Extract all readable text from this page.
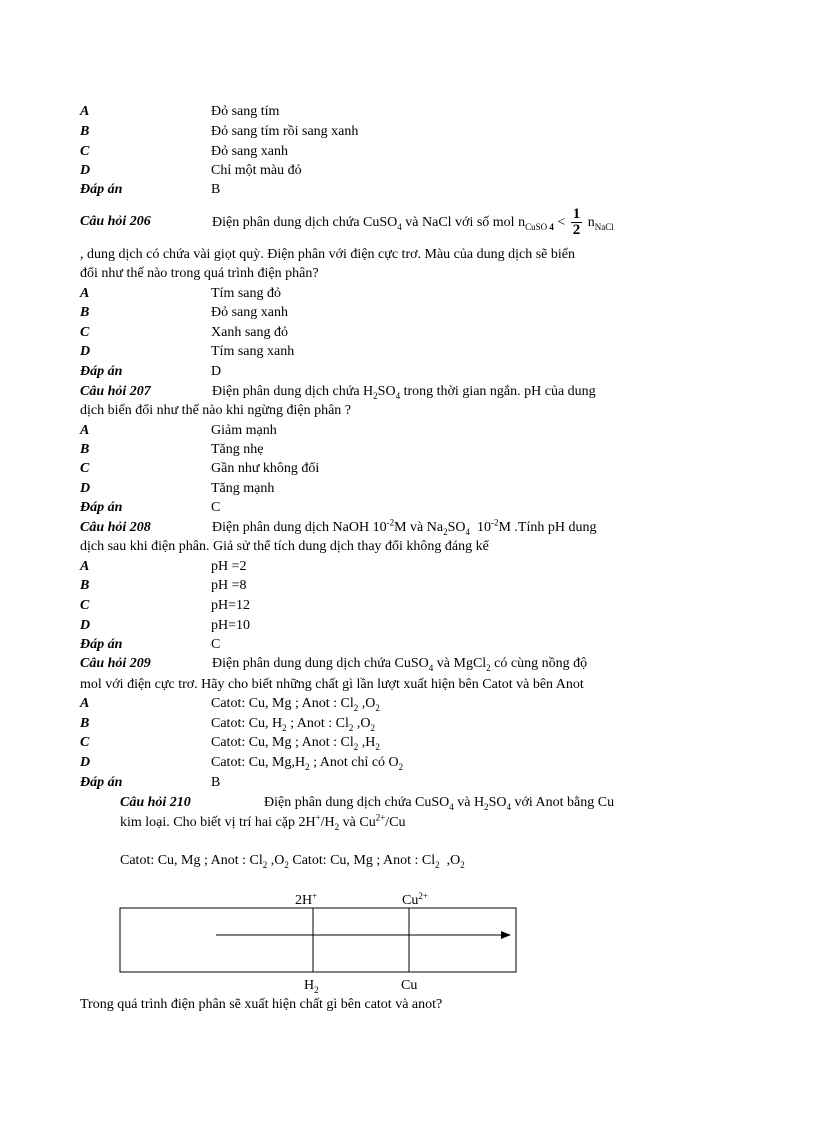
A	Đỏ sang tím
B	Đỏ sang tím rồi sang xanh
C	Đỏ sang xanh
D	Chỉ một màu đỏ
Đáp án	B
Câu hỏi 206	Điện phân dung dịch chứa CuSO$_4$ và NaCl với số mol $n_{CuSO 4} < \frac{1}{2} n_{NaCl}$
, dung dịch có chứa vài giọt quỳ. Điện phân với điện cực trơ. Màu của dung dịch sẽ biến
đổi như thế nào trong quá trình điện phân?
A	Tím sang đỏ
B	Đỏ sang xanh
C	Xanh sang đỏ
D	Tím sang xanh
Đáp án	D
Câu hỏi 207	Điện phân dung dịch chứa $H_2SO_4$ trong thời gian ngắn. pH của dung
dịch biến đổi như thế nào khi ngừng điện phân ?
A	Giảm mạnh
B	Tăng nhẹ
C	Gần như không đổi
D	Tăng mạnh
Đáp án	C
Câu hỏi 208	Điện phân dung dịch NaOH $10^{-2}M$ và $Na_2SO_4$  $10^{-2}M$ .Tính pH dung
dịch sau khi điện phân. Giả sử thể tích dung dịch thay đổi không đáng kể
A	pH =2
B	pH =8
C	pH=12
D	pH=10
Đáp án	C
Câu hỏi 209	Điện phân dung dung dịch chứa CuSO$_4$ và MgCl$_2$ có cùng nồng độ
mol với điện cực trơ. Hãy cho biết những chất gì lần lượt xuất hiện bên Catot và bên Anot
A	Catot: Cu, Mg ; Anot : $Cl_2$ $,O_2$
B	Catot: Cu, $H_2$ ; Anot : $Cl_2$ $,O_2$
C	Catot: Cu, Mg ; Anot : $Cl_2$ $,H_2$
D	Catot: Cu, $Mg,H_2$ ; Anot chỉ có $O_2$
Đáp án	B
Câu hỏi 210	Điện phân dung dịch chứa CuSO$_4$ và $H_2SO_4$ với Anot bằng Cu
kim loại. Cho biết vị trí hai cặp $2H^+/H_2$ và $Cu^{2+}/Cu$
Catot: Cu, Mg ; Anot : $Cl_2$ $,O_2$ Catot: Cu, Mg ; Anot : $Cl_2$  $,O_2$
2H+	$Cu^{2+}$
$H_2$	Cu
Trong quá trình điện phân sẽ xuất hiện chất gì bên catot và anot?
